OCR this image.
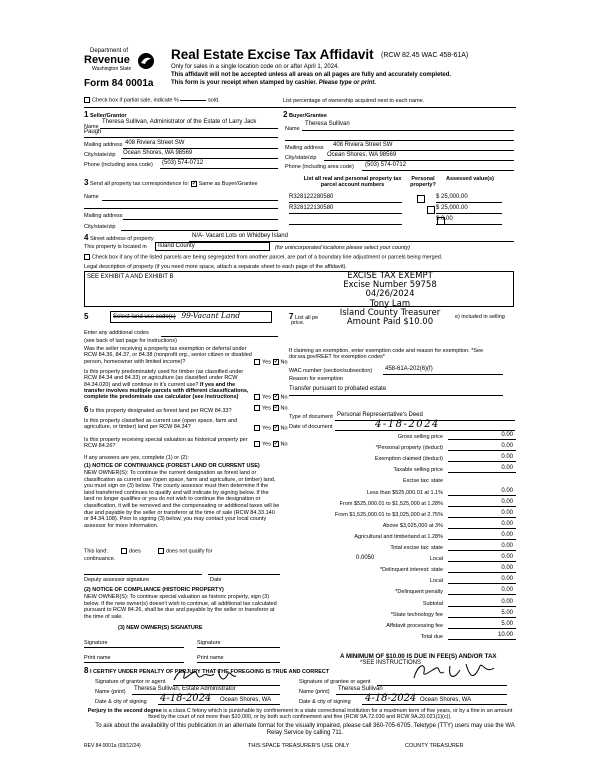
Department of
Revenue
Washington State
Form 84 0001a
Real Estate Excise Tax Affidavit (RCW 82.45 WAC 458-61A)
Only for sales in a single location code on or after April 1, 2024.
This affidavit will not be accepted unless all areas on all pages are fully and accurately completed.
This form is your receipt when stamped by cashier. Please type or print.
Check box if partial sale, indicate %	sold.	List percentage of ownership acquired next to each name.
1 Seller/Grantor
Name
Theresa Sullivan, Administrator of the Estate of Larry Jack
Paugh
Mailing address 408 Riviera Street SW
City/state/zip Ocean Shores, WA 98569
Phone (including area code) (503) 574-0712
2 Buyer/Grantee
Name
Theresa Sullivan
Mailing address 408 Riviera Street SW
City/state/zip Ocean Shores, WA 98569
Phone (including area code) (503) 574-0712
3 Send all property tax correspondence to: ✓ Same as Buyer/Grantee
Name
Mailing address
City/state/zip
List all real and personal property tax parcel account numbers
Personal property?
Assessed value(s)
R328122280580	$ 25,000.00
R328122130580	$ 25,000.00
$ 0.00
4 Street address of property	N/A- Vacant Lots on Whidbey Island
This property is located in	Island County	(for unincorporated locations please select your county)
Check box if any of the listed parcels are being segregated from another parcel, are part of a boundary line adjustment or parcels being merged.
Legal description of property (if you need more space, attach a separate sheet to each page of the affidavit).
SEE EXHIBIT A AND EXHIBIT B	EXCISE TAX EXEMPT
Excise Number 59758
04/26/2024
Tony Lam
Island County Treasurer
Amount Paid $10.00
5	Select land use code(s) 99-Vacant Land
Enter any additional codes
(see back of last page for instructions)
Was the seller receiving a property tax exemption or deferral under RCW 84.36, 84.37, or 84.38 (nonprofit org., senior citizen or disabled person, homeowner with limited income)?	Yes ✓ No
Is this property predominately used for timber (as classified under RCW 84.34 and 84.33) or agriculture (as classified under RCW 84.34.020) and will continue in it's current use? If yes and the transfer involves multiple parcels with different classifications, complete the predominate use calculator (see instructions)	Yes ✓ No
6 Is this property designated as forest land per RCW 84.33?	Yes ✓ No
Is this property classified as current use (open space, farm and agriculture, or timber) land per RCW 84.34?	Yes ✓ No
Is this property receiving special valuation as historical property per RCW 84.26?	Yes ✓ No
If any answers are yes, complete (1) or (2):
(1) NOTICE OF CONTINUANCE (FOREST LAND OR CURRENT USE)
NEW OWNER(S): To continue the current designation as forest land or classification as current use (open space, farm and agriculture, or timber) land, you must sign on (3) below. The county assessor must then determine if the land transferred continues to qualify and will indicate by signing below. If the land no longer qualifies or you do not wish to continue the designation or classification, it will be removed and the compensating or additional taxes will be due and payable by the seller or transferor at the time of sale (RCW 84.33.140 or 84.34.108). Prior to signing (3) below, you may contact your local county assessor for more information.
This land:	does	does not qualify for
continuance.
Deputy assessor signature	Date
(2) NOTICE OF COMPLIANCE (HISTORIC PROPERTY)
NEW OWNER(S): To continue special valuation as historic property, sign (3) below. If the new owner(s) doesn't wish to continue, all additional tax calculated pursuant to RCW 84.26, shall be due and payable by the seller or transferor at the time of sale.
(3) NEW OWNER(S) SIGNATURE
Signature	Signature
Print name	Print name
7 List all pe
price.
e) included in selling
If claiming an exemption, enter exemption code and reason for exemption. *See dor.wa.gov/REET for exemption codes*
WAC number (section/subsection) 458-61A-202(6)(f)
Reason for exemption
Transfer pursuant to probated estate
Type of document Personal Representative's Deed
Date of document	4-18-2024
Gross selling price	0.00
*Personal property (deduct)	0.00
Exemption claimed (deduct)	0.00
Taxable selling price	0.00
Excise tax: state
Less than $525,000.01 at 1.1%	0.00
From $525,000.01 to $1,525,000 at 1.28%	0.00
From $1,525,000.01 to $3,025,000 at 2.75%	0.00
Above $3,025,000 at 3%	0.00
Agricultural and timberland at 1.28%	0.00
Total excise tax: state	0.00
Local
0.0050	0.00
*Delinquent interest: state	0.00
Local	0.00
*Delinquent penalty	0.00
Subtotal	0.00
*State technology fee	5.00
Affidavit processing fee	5.00
Total due	10.00
A MINIMUM OF $10.00 IS DUE IN FEE(S) AND/OR TAX
*SEE INSTRUCTIONS
8 I CERTIFY UNDER PENALTY OF PERJURY THAT THE FOREGOING IS TRUE AND CORRECT
Signature of grantor or agent
Name (print) Theresa Sullivan, Estate Administrator
Date & city of signing 4-18-2024 Ocean Shores, WA
Signature of grantee or agent
Name (print) Theresa Sullivan
Date & city of signing 4-18-2024 Ocean Shores, WA
Perjury in the second degree is a class C felony which is punishable by confinement in a state correctional institution for a maximum term of five years, or by a fine in an amount fixed by the court of not more than $10,000, or by both such confinement and fine (RCW 9A.72.030 and RCW 9A.20.021(1)(c)).
To ask about the availability of this publication in an alternate format for the visually impaired, please call 360-705-6705. Teletype (TTY) users may use the WA Relay Service by calling 711.
REV 84 0001a (03/12/24)	THIS SPACE TREASURER'S USE ONLY	COUNTY TREASURER
